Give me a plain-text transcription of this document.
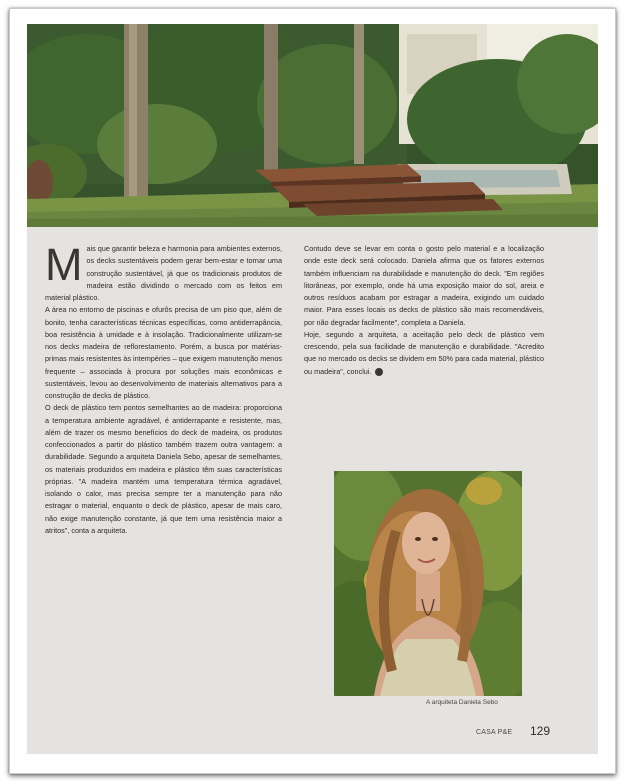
Mais que garantir beleza e harmonia para ambientes externos, os decks sustentáveis podem gerar bem-estar e tornar uma construção sustentável, já que os tradicionais produtos de madeira estão dividindo o mercado com os feitos em material plástico.

A área no entorno de piscinas e ofurôs precisa de um piso que, além de bonito, tenha características técnicas específicas, como antiderrapância, boa resistência à umidade e à insolação. Tradicionalmente utilizam-se nos decks madeira de reflorestamento. Porém, a busca por matérias-primas mais resistentes às intempéries – que exigem manutenção menos frequente – associada à procura por soluções mais econômicas e sustentáveis, levou ao desenvolvimento de materiais alternativos para a construção de decks de plástico.

O deck de plástico tem pontos semelhantes ao de madeira: proporciona a temperatura ambiente agradável, é antiderrapante e resistente, mas, além de trazer os mesmo benefícios do deck de madeira, os produtos confeccionados a partir do plástico também trazem outra vantagem: a durabilidade. Segundo a arquiteta Daniela Sebo, apesar de semelhantes, os materiais produzidos em madeira e plástico têm suas características próprias. "A madeira mantém uma temperatura térmica agradável, isolando o calor, mas precisa sempre ter a manutenção para não estragar o material, enquanto o deck de plástico, apesar de mais caro, não exige manutenção constante, já que tem uma resistência maior a atritos", conta a arquiteta.

Contudo deve se levar em conta o gosto pelo material e a localização onde este deck será colocado. Daniela afirma que os fatores externos também influenciam na durabilidade e manutenção do deck. "Em regiões litorâneas, por exemplo, onde há uma exposição maior do sol, areia e outros resíduos acabam por estragar a madeira, exigindo um cuidado maior. Para esses locais os decks de plástico são mais recomendáveis, por não degradar facilmente", completa a Daniela.

Hoje, segundo a arquiteta, a aceitação pelo deck de plástico vem crescendo, pela sua facilidade de manutenção e durabilidade. "Acredito que no mercado os decks se dividem em 50% para cada material, plástico ou madeira", conclui.

A arquiteta Daniela Sebo
CASA P&E 129
